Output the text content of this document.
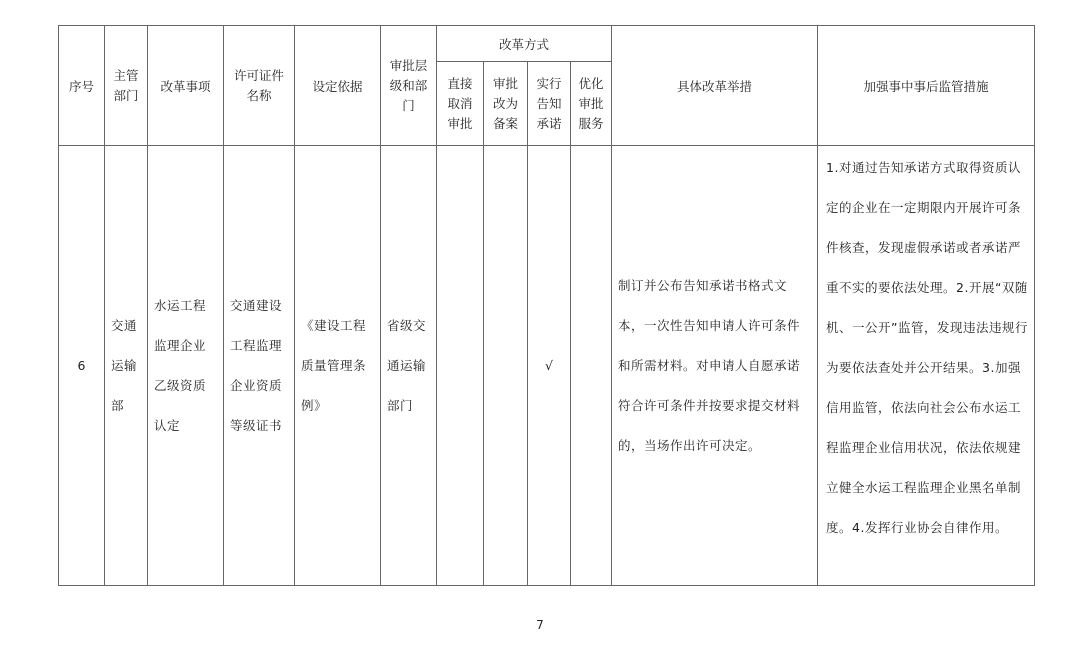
序号	主管部门	改革事项	许可证件名称	设定依据	审批层级和部门	改革方式				具体改革举措	加强事中事后监管措施
						直接取消审批	审批改为备案	实行告知承诺	优化审批服务		
6	交通运输部	水运工程监理企业乙级资质认定	交通建设工程监理企业资质等级证书	《建设工程质量管理条例》	省级交通运输部门			√		制订并公布告知承诺书格式文本，一次性告知申请人许可条件和所需材料。对申请人自愿承诺符合许可条件并按要求提交材料的，当场作出许可决定。	1.对通过告知承诺方式取得资质认定的企业在一定期限内开展许可条件核查，发现虚假承诺或者承诺严重不实的要依法处理。2.开展“双随机、一公开”监管，发现违法违规行为要依法查处并公开结果。3.加强信用监管，依法向社会公布水运工程监理企业信用状况，依法依规建立健全水运工程监理企业黑名单制度。4.发挥行业协会自律作用。
7
